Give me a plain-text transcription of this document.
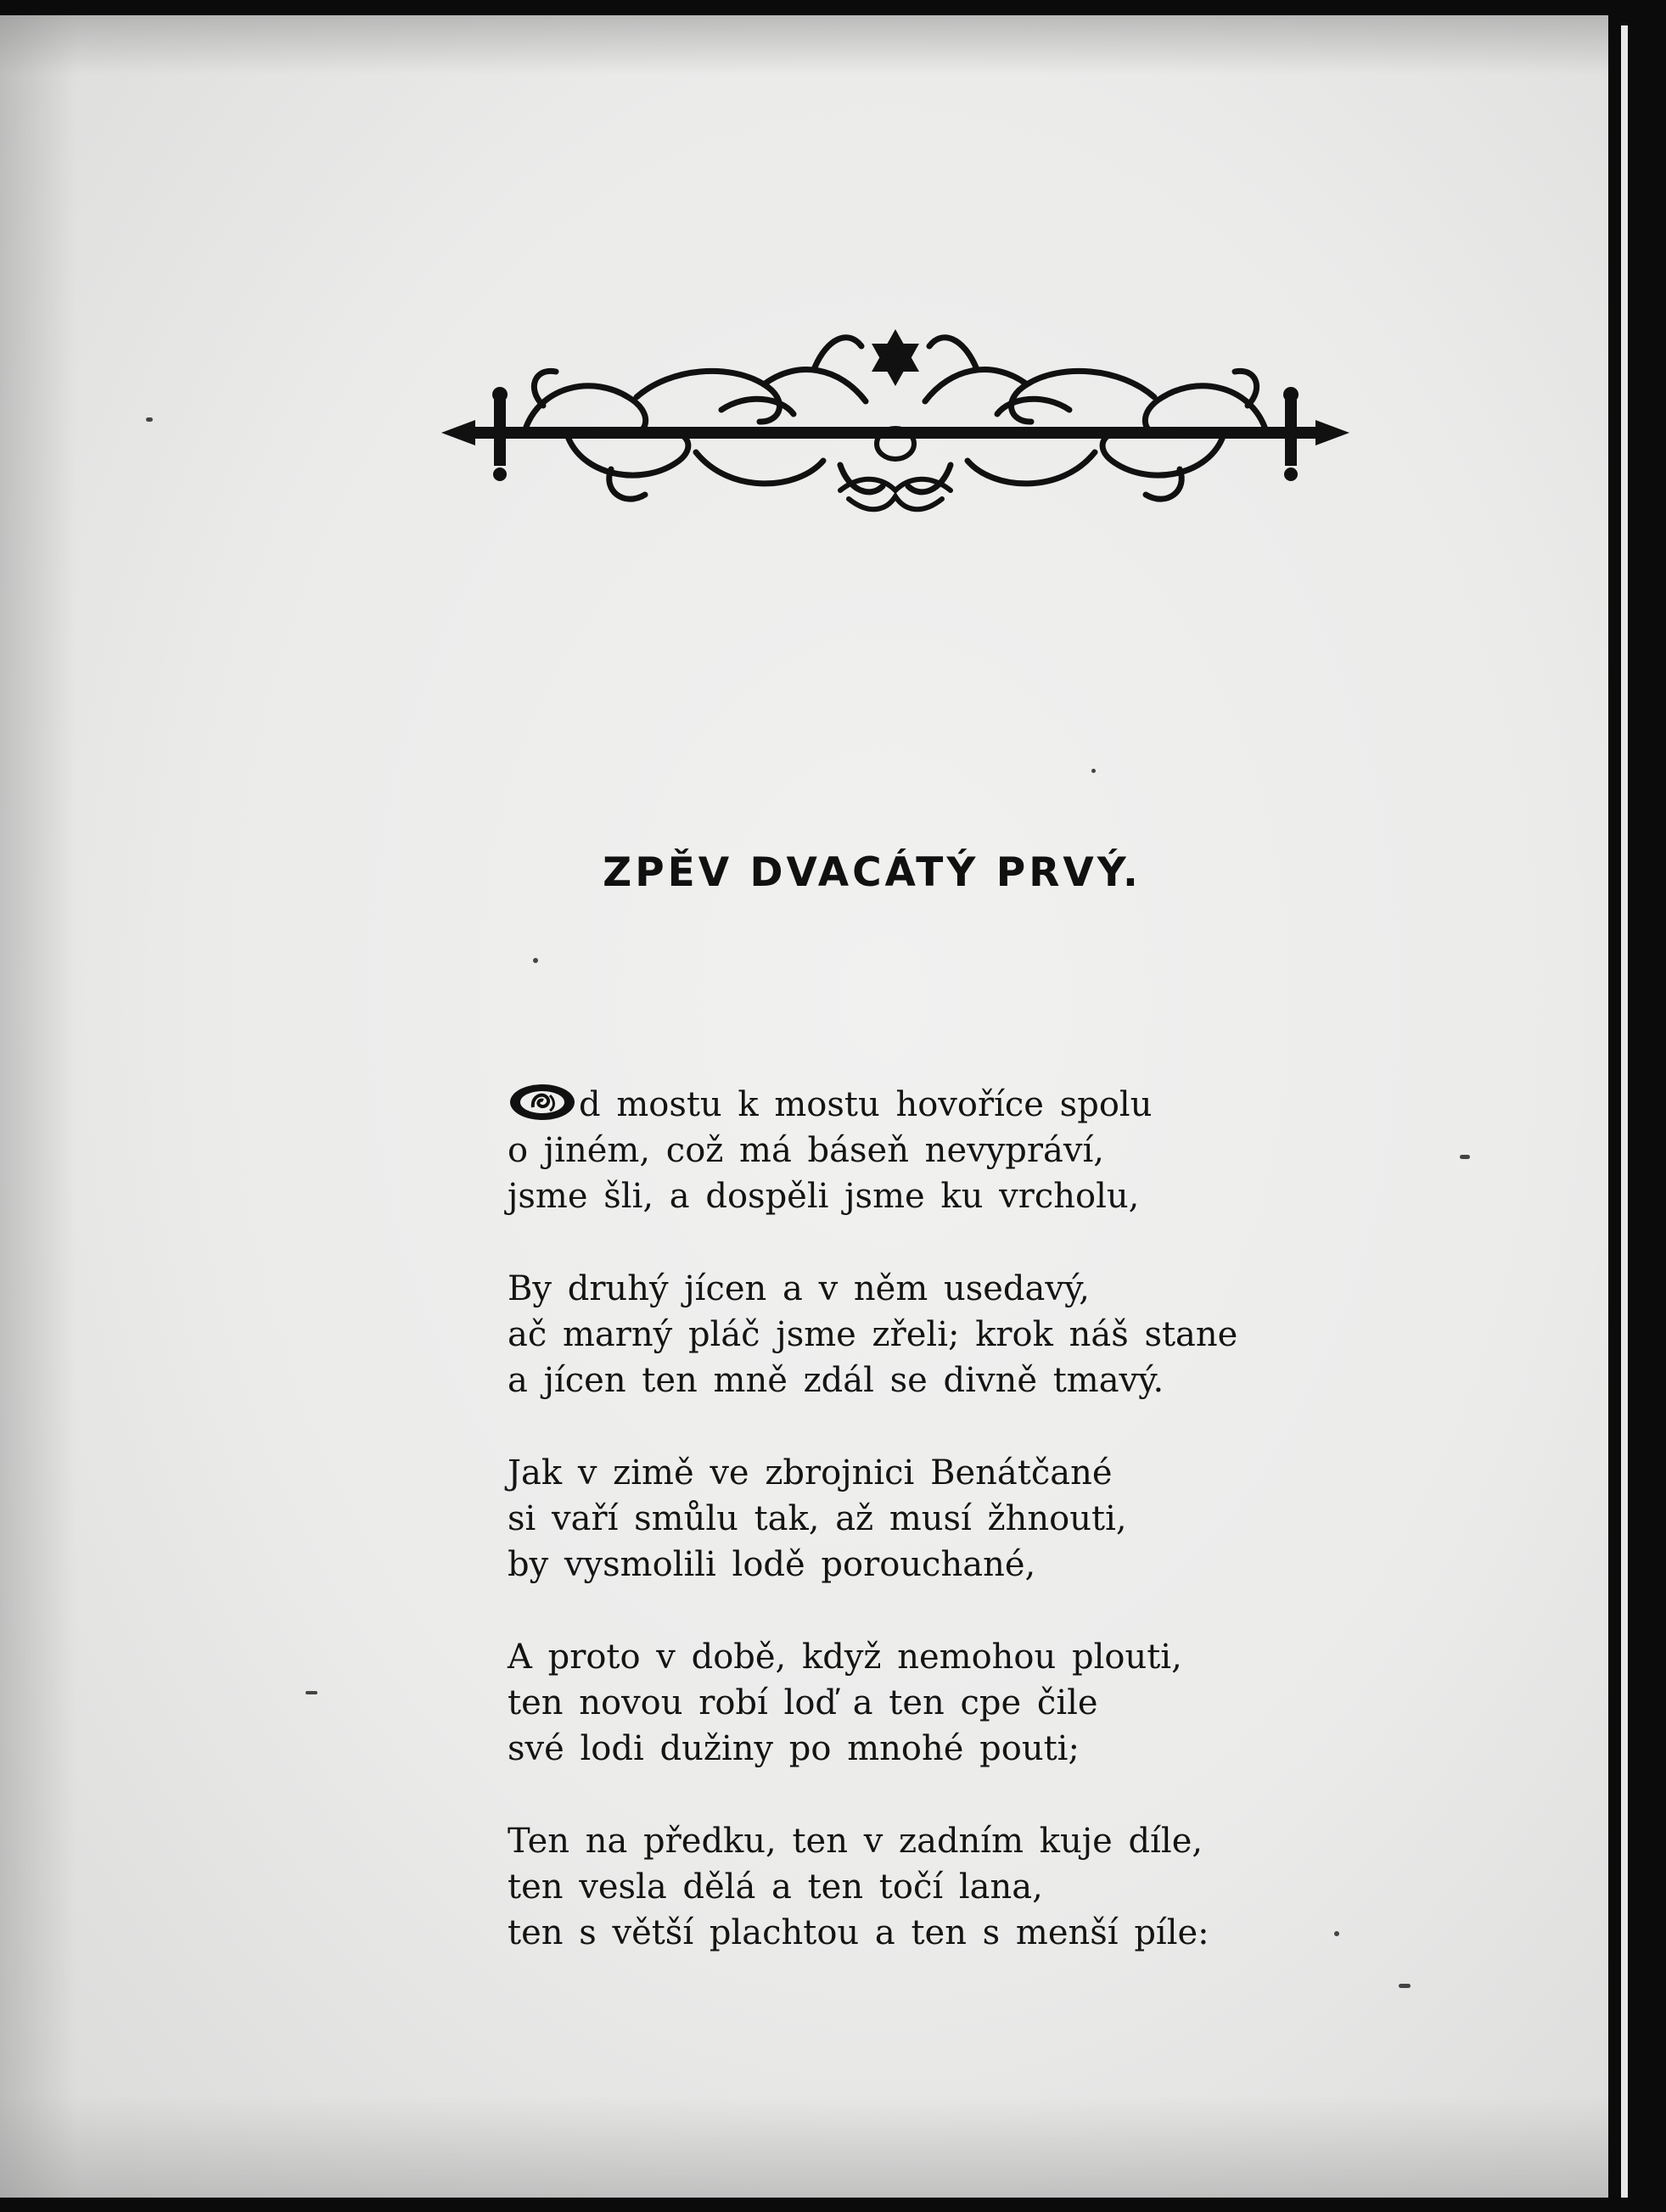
ZPĚV DVACÁTÝ PRVÝ.
d mostu k mostu hovoříce spolu
o jiném, což má báseň nevypráví,
jsme šli, a dospěli jsme ku vrcholu,
By druhý jícen a v něm usedavý,
ač marný pláč jsme zřeli; krok náš stane
a jícen ten mně zdál se divně tmavý.
Jak v zimě ve zbrojnici Benátčané
si vaří smůlu tak, až musí žhnouti,
by vysmolili lodě porouchané,
A proto v době, když nemohou plouti,
ten novou robí loď a ten cpe čile
své lodi dužiny po mnohé pouti;
Ten na předku, ten v zadním kuje díle,
ten vesla dělá a ten točí lana,
ten s větší plachtou a ten s menší píle:
